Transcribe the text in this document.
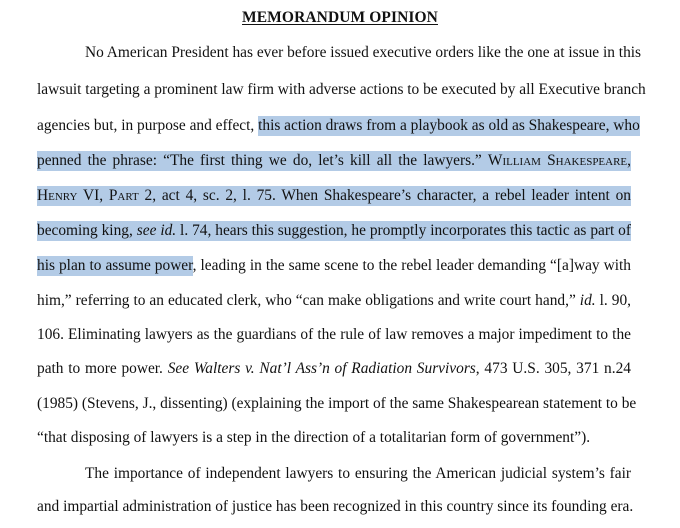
MEMORANDUM OPINION
No American President has ever before issued executive orders like the one at issue in this
lawsuit targeting a prominent law firm with adverse actions to be executed by all Executive branch
agencies but, in purpose and effect, this action draws from a playbook as old as Shakespeare, who
penned the phrase: “The first thing we do, let’s kill all the lawyers.” William Shakespeare,
Henry VI, Part 2, act 4, sc. 2, l. 75. When Shakespeare’s character, a rebel leader intent on
becoming king, see id. l. 74, hears this suggestion, he promptly incorporates this tactic as part of
his plan to assume power, leading in the same scene to the rebel leader demanding “[a]way with
him,” referring to an educated clerk, who “can make obligations and write court hand,” id. l. 90,
106. Eliminating lawyers as the guardians of the rule of law removes a major impediment to the
path to more power. See Walters v. Nat’l Ass’n of Radiation Survivors, 473 U.S. 305, 371 n.24
(1985) (Stevens, J., dissenting) (explaining the import of the same Shakespearean statement to be
“that disposing of lawyers is a step in the direction of a totalitarian form of government”).
The importance of independent lawyers to ensuring the American judicial system’s fair
and impartial administration of justice has been recognized in this country since its founding era.
